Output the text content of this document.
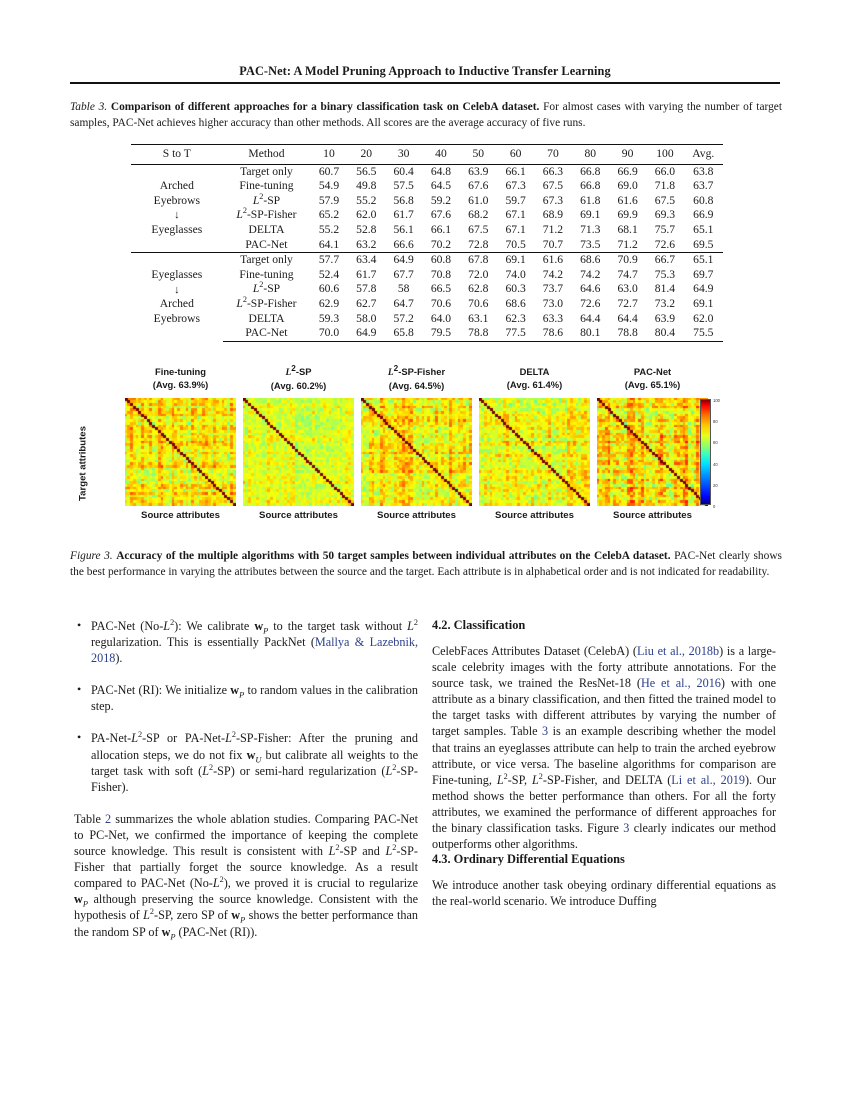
PAC-Net: A Model Pruning Approach to Inductive Transfer Learning
Table 3. Comparison of different approaches for a binary classification task on CelebA dataset. For almost cases with varying the number of target samples, PAC-Net achieves higher accuracy than other methods. All scores are the average accuracy of five runs.
S to T	Method	10	20	30	40	50	60	70	80	90	100	Avg.

Arched
Eyebrows
↓
Eyeglasses	Target only	60.7	56.5	60.4	64.8	63.9	66.1	66.3	66.8	66.9	66.0	63.8
	Fine-tuning	54.9	49.8	57.5	64.5	67.6	67.3	67.5	66.8	69.0	71.8	63.7
	$L^2-SP$	57.9	55.2	56.8	59.2	61.0	59.7	67.3	61.8	61.6	67.5	60.8
	$L^2-SP$-Fisher	65.2	62.0	61.7	67.6	68.2	67.1	68.9	69.1	69.9	69.3	66.9
	DELTA	55.2	52.8	56.1	66.1	67.5	67.1	71.2	71.3	68.1	75.7	65.1
	PAC-Net	64.1	63.2	66.6	70.2	72.8	70.5	70.7	73.5	71.2	72.6	69.5

Eyeglasses
↓
Arched
Eyebrows	Target only	57.7	63.4	64.9	60.8	67.8	69.1	61.6	68.6	70.9	66.7	65.1
	Fine-tuning	52.4	61.7	67.7	70.8	72.0	74.0	74.2	74.2	74.7	75.3	69.7
	$L^2-SP$	60.6	57.8	58	66.5	62.8	60.3	73.7	64.6	63.0	81.4	64.9
	$L^2-SP$-Fisher	62.9	62.7	64.7	70.6	70.6	68.6	73.0	72.6	72.7	73.2	69.1
	DELTA	59.3	58.0	57.2	64.0	63.1	62.3	63.3	64.4	64.4	63.9	62.0
	PAC-Net	70.0	64.9	65.8	79.5	78.8	77.5	78.6	80.1	78.8	80.4	75.5
Fine-tuning
(Avg. 63.9%)
L2-SP
(Avg. 60.2%)
L2-SP-Fisher
(Avg. 64.5%)
DELTA
(Avg. 61.4%)
PAC-Net
(Avg. 65.1%)
Target attributes
Source attributes	Source attributes	Source attributes	Source attributes	Source attributes
100
80
60
40
20
0
Figure 3. Accuracy of the multiple algorithms with 50 target samples between individual attributes on the CelebA dataset. PAC-Net clearly shows the best performance in varying the attributes between the source and the target. Each attribute is in alphabetical order and is not indicated for readability.
• PAC-Net $(No-L^2)$: We calibrate $w_P$ to the target task without $L^2$ regularization. This is essentially PackNet (Mallya & Lazebnik, 2018).
• PAC-Net (RI): We initialize $w_P$ to random values in the calibration step.
• $PA-Net-L^2-SP$ or $PA-Net-L^2-SP$-Fisher: After the pruning and allocation steps, we do not fix $w_U$ but calibrate all weights to the target task with soft $(L^2-SP)$ or semi-hard regularization $(L^2-SP-Fisher)$.

Table 2 summarizes the whole ablation studies. Comparing PAC-Net to PC-Net, we confirmed the importance of keeping the complete source knowledge. This result is consistent with $L^2-SP$ and $L^2-SP$-Fisher that partially forget the source knowledge. As a result compared to PAC-Net $(No-L^2)$, we proved it is crucial to regularize $w_P$ although preserving the source knowledge. Consistent with the hypothesis of $L^2-SP$, zero SP of $w_P$ shows the better performance than the random SP of $w_P$ (PAC-Net (RI)).

4.2. Classification

CelebFaces Attributes Dataset (CelebA) (Liu et al., 2018b) is a large-scale celebrity images with the forty attribute annotations. For the source task, we trained the ResNet-18 (He et al., 2016) with one attribute as a binary classification, and then fitted the trained model to the target tasks with different attributes by varying the number of target samples. Table 3 is an example describing whether the model that trains an eyeglasses attribute can help to train the arched eyebrow attribute, or vice versa. The baseline algorithms for comparison are Fine-tuning, $L^2-SP$, $L^2-SP$-Fisher, and DELTA (Li et al., 2019). Our method shows the better performance than others. For all the forty attributes, we examined the performance of different approaches for the binary classification tasks. Figure 3 clearly indicates our method outperforms other algorithms.

4.3. Ordinary Differential Equations

We introduce another task obeying ordinary differential equations as the real-world scenario. We introduce Duffing
